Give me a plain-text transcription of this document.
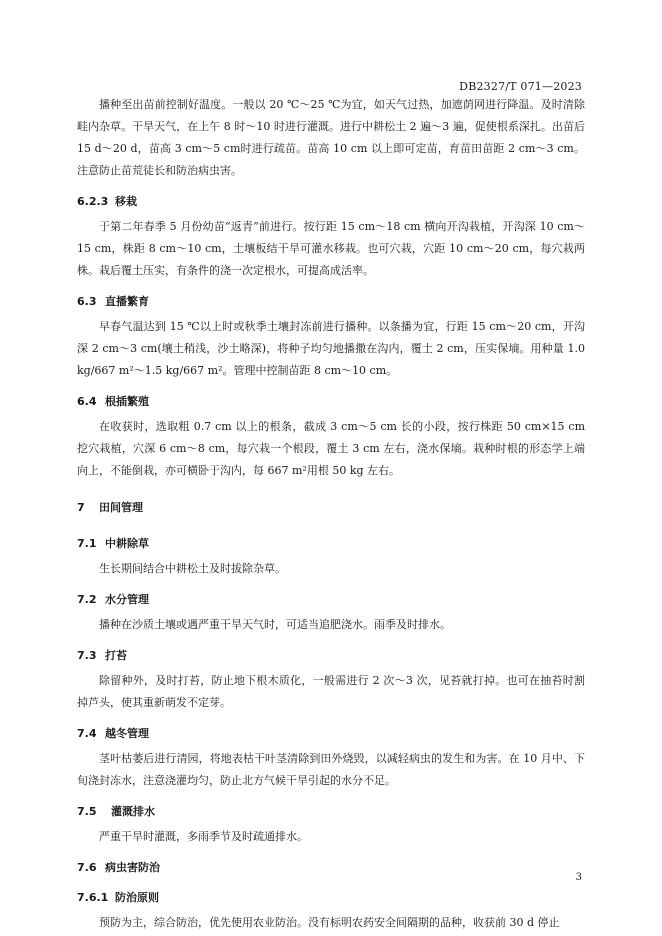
DB2327/T 071—2023

播种至出苗前控制好温度。一般以 20 ℃～25 ℃为宜，如天气过热，加遮荫网进行降温。及时清除畦内杂草。干旱天气，在上午 8 时～10 时进行灌溉。进行中耕松土 2 遍～3 遍，促使根系深扎。出苗后 15 d～20 d，苗高 3 cm～5 cm时进行疏苗。苗高 10 cm 以上即可定苗，育苗田苗距 2 cm～3 cm。注意防止苗荒徒长和防治病虫害。

6.2.3 移栽

于第二年春季 5 月份幼苗“返青”前进行。按行距 15 cm～18 cm 横向开沟栽植，开沟深 10 cm～15 cm，株距 8 cm～10 cm，土壤板结干旱可灌水移栽。也可穴栽，穴距 10 cm～20 cm，每穴栽两株。栽后覆土压实，有条件的浇一次定根水，可提高成活率。

6.3 直播繁育

早春气温达到 15 ℃以上时或秋季土壤封冻前进行播种。以条播为宜，行距 15 cm～20 cm，开沟深 2 cm～3 cm(壤土稍浅，沙土略深)，将种子均匀地播撒在沟内，覆土 2 cm，压实保墒。用种量 1.0 kg/667 m²～1.5 kg/667 m²。管理中控制苗距 8 cm～10 cm。

6.4 根插繁殖

在收获时，选取粗 0.7 cm 以上的根条，截成 3 cm～5 cm 长的小段，按行株距 50 cm×15 cm 挖穴栽植，穴深 6 cm～8 cm，每穴栽一个根段，覆土 3 cm 左右，浇水保墒。栽种时根的形态学上端向上，不能倒栽，亦可横卧于沟内，每 667 m²用根 50 kg 左右。

7 田间管理
7.1 中耕除草

生长期间结合中耕松土及时拔除杂草。

7.2 水分管理

播种在沙质土壤或遇严重干旱天气时，可适当追肥浇水。雨季及时排水。

7.3 打苔

除留种外，及时打苔，防止地下根木质化，一般需进行 2 次～3 次，见苔就打掉。也可在抽苔时割掉芦头，使其重新萌发不定芽。

7.4 越冬管理

茎叶枯萎后进行清园，将地表枯干叶茎清除到田外烧毁，以减轻病虫的发生和为害。在 10 月中、下旬浇封冻水，注意浇灌均匀，防止北方气候干旱引起的水分不足。

7.5 灌溉排水

严重干旱时灌溉，多雨季节及时疏通排水。

7.6 病虫害防治
7.6.1 防治原则

预防为主，综合防治，优先使用农业防治。没有标明农药安全间隔期的品种，收获前 30 d 停止

3
